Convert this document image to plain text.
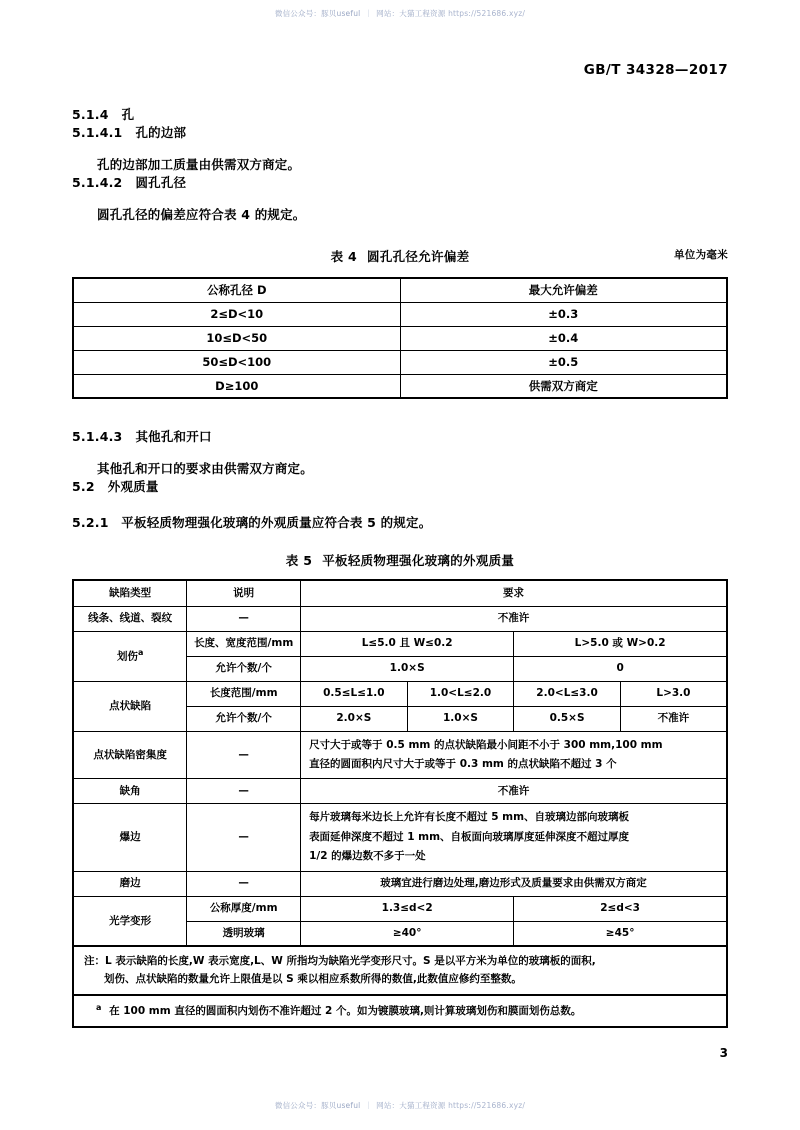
微信公众号：豚贝useful ｜ 网站：大猫工程资源 https://521686.xyz/
GB/T 34328—2017
5.1.4 孔
5.1.4.1 孔的边部

孔的边部加工质量由供需双方商定。

5.1.4.2 圆孔孔径

圆孔孔径的偏差应符合表 4 的规定。

表 4 圆孔孔径允许偏差	单位为毫米
公称孔径 D	最大允许偏差
2≤D<10	±0.3
10≤D<50	±0.4
50≤D<100	±0.5
D≥100	供需双方商定
5.1.4.3 其他孔和开口

其他孔和开口的要求由供需双方商定。

5.2 外观质量
5.2.1　平板轻质物理强化玻璃的外观质量应符合表 5 的规定。
表 5 平板轻质物理强化玻璃的外观质量
缺陷类型	说明	要求			
线条、线道、裂纹	—	不准许			
划伤$^a$	长度、宽度范围/mm	L≤5.0 且 W≤0.2		L>5.0 或 W>0.2	
	允许个数/个	1.0×S		0	
点状缺陷	长度范围/mm	0.5≤L≤1.0	1.0<L≤2.0	2.0<L≤3.0	L>3.0
	允许个数/个	2.0×S	1.0×S	0.5×S	不准许
点状缺陷密集度	—	尺寸大于或等于 0.5 mm 的点状缺陷最小间距不小于 300 mm,100 mm
直径的圆面积内尺寸大于或等于 0.3 mm 的点状缺陷不超过 3 个			
缺角	—	不准许			
爆边	—	每片玻璃每米边长上允许有长度不超过 5 mm、自玻璃边部向玻璃板
表面延伸深度不超过 1 mm、自板面向玻璃厚度延伸深度不超过厚度
1/2 的爆边数不多于一处			
磨边	—	玻璃宜进行磨边处理,磨边形式及质量要求由供需双方商定			
光学变形	公称厚度/mm	1.3≤d<2		2≤d<3	
	透明玻璃	≥40°		≥45°	

注：L 表示缺陷的长度,W 表示宽度,L、W 所指均为缺陷光学变形尺寸。S 是以平方米为单位的玻璃板的面积,
划伤、点状缺陷的数量允许上限值是以 S 乘以相应系数所得的数值,此数值应修约至整数。					

$^a$ 在 100 mm 直径的圆面积内划伤不准许超过 2 个。如为镀膜玻璃,则计算玻璃划伤和膜面划伤总数。					
3
微信公众号：豚贝useful ｜ 网站：大猫工程资源 https://521686.xyz/
